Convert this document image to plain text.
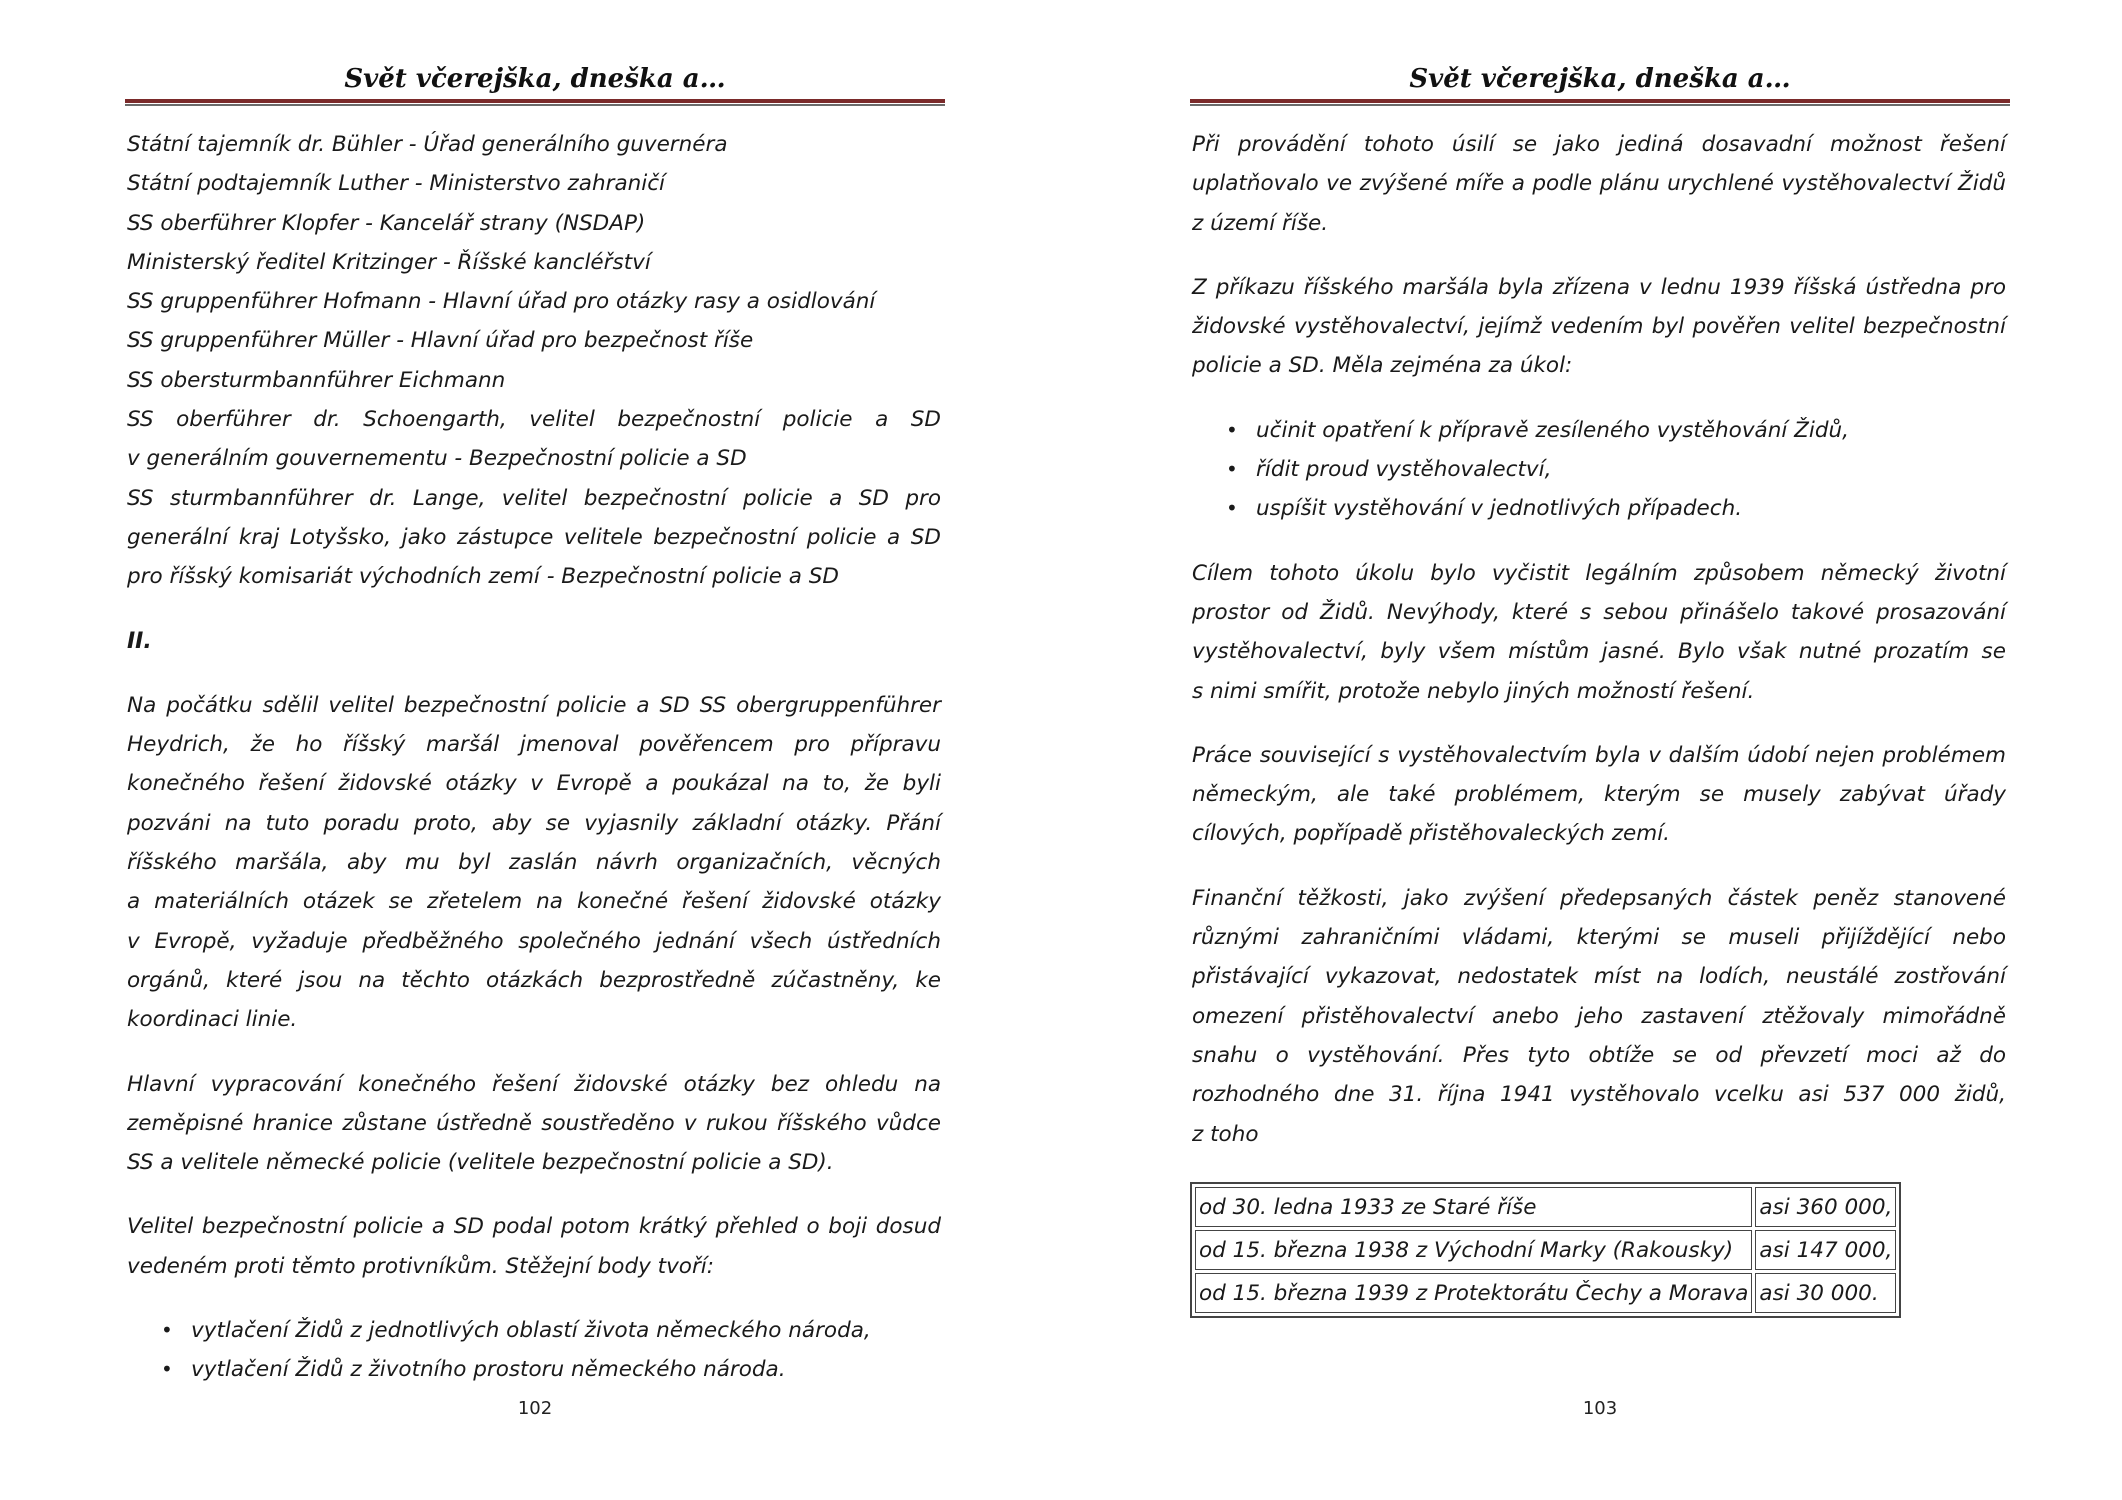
Svět včerejška, dneška a…
Státní tajemník dr. Bühler - Úřad generálního guvernéra
Státní podtajemník Luther - Ministerstvo zahraničí
SS oberführer Klopfer - Kancelář strany (NSDAP)
Ministerský ředitel Kritzinger - Říšské kancléřství
SS gruppenführer Hofmann - Hlavní úřad pro otázky rasy a osidlování
SS gruppenführer Müller - Hlavní úřad pro bezpečnost říše
SS obersturmbannführer Eichmann
SS oberführer dr. Schoengarth, velitel bezpečnostní policie a SD
v generálním gouvernementu - Bezpečnostní policie a SD
SS sturmbannführer dr. Lange, velitel bezpečnostní policie a SD pro
generální kraj Lotyšsko, jako zástupce velitele bezpečnostní policie a SD
pro říšský komisariát východních zemí - Bezpečnostní policie a SD
II.
Na počátku sdělil velitel bezpečnostní policie a SD SS obergruppenführer
Heydrich, že ho říšský maršál jmenoval pověřencem pro přípravu
konečného řešení židovské otázky v Evropě a poukázal na to, že byli
pozváni na tuto poradu proto, aby se vyjasnily základní otázky. Přání
říšského maršála, aby mu byl zaslán návrh organizačních, věcných
a materiálních otázek se zřetelem na konečné řešení židovské otázky
v Evropě, vyžaduje předběžného společného jednání všech ústředních
orgánů, které jsou na těchto otázkách bezprostředně zúčastněny, ke
koordinaci linie.
Hlavní vypracování konečného řešení židovské otázky bez ohledu na
zeměpisné hranice zůstane ústředně soustředěno v rukou říšského vůdce
SS a velitele německé policie (velitele bezpečnostní policie a SD).
Velitel bezpečnostní policie a SD podal potom krátký přehled o boji dosud
vedeném proti těmto protivníkům. Stěžejní body tvoří:
• vytlačení Židů z jednotlivých oblastí života německého národa,
• vytlačení Židů z životního prostoru německého národa.
102
Svět včerejška, dneška a…
Při provádění tohoto úsilí se jako jediná dosavadní možnost řešení
uplatňovalo ve zvýšené míře a podle plánu urychlené vystěhovalectví Židů
z území říše.
Z příkazu říšského maršála byla zřízena v lednu 1939 říšská ústředna pro
židovské vystěhovalectví, jejímž vedením byl pověřen velitel bezpečnostní
policie a SD. Měla zejména za úkol:
• učinit opatření k přípravě zesíleného vystěhování Židů,
• řídit proud vystěhovalectví,
• uspíšit vystěhování v jednotlivých případech.
Cílem tohoto úkolu bylo vyčistit legálním způsobem německý životní
prostor od Židů. Nevýhody, které s sebou přinášelo takové prosazování
vystěhovalectví, byly všem místům jasné. Bylo však nutné prozatím se
s nimi smířit, protože nebylo jiných možností řešení.
Práce související s vystěhovalectvím byla v dalším údobí nejen problémem
německým, ale také problémem, kterým se musely zabývat úřady
cílových, popřípadě přistěhovaleckých zemí.
Finanční těžkosti, jako zvýšení předepsaných částek peněz stanovené
různými zahraničními vládami, kterými se museli přijíždějící nebo
přistávající vykazovat, nedostatek míst na lodích, neustálé zostřování
omezení přistěhovalectví anebo jeho zastavení ztěžovaly mimořádně
snahu o vystěhování. Přes tyto obtíže se od převzetí moci až do
rozhodného dne 31. října 1941 vystěhovalo vcelku asi 537 000 židů,
z toho
od 30. ledna 1933 ze Staré říše	asi 360 000,
od 15. března 1938 z Východní Marky (Rakousky)	asi 147 000,
od 15. března 1939 z Protektorátu Čechy a Morava	asi 30 000.
103
